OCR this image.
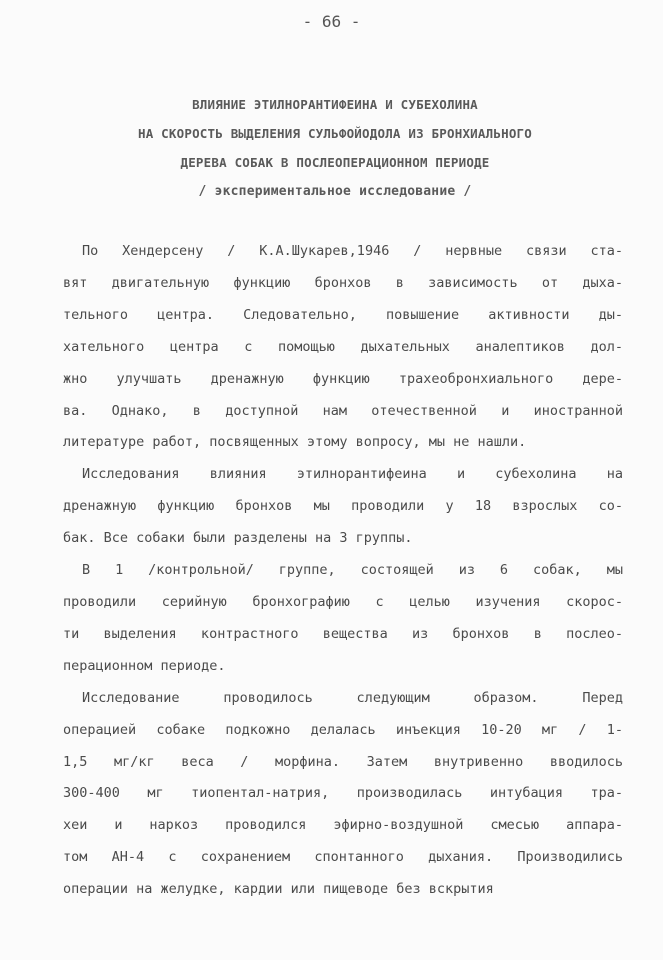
- 66 -
ВЛИЯНИЕ ЭТИЛНОРАНТИФЕИНА И СУБЕХОЛИНА
НА СКОРОСТЬ ВЫДЕЛЕНИЯ СУЛЬФОЙОДОЛА ИЗ БРОНХИАЛЬНОГО
ДЕРЕВА СОБАК В ПОСЛЕОПЕРАЦИОННОМ ПЕРИОДЕ
/ экспериментальное исследование /
По Хендерсену / К.А.Шукарев,1946 / нервные связи ста-
вят двигательную функцию бронхов в зависимость от дыха-
тельного центра. Следовательно, повышение активности ды-
хательного центра с помощью дыхательных аналептиков дол-
жно улучшать дренажную функцию трахеобронхиального дере-
ва. Однако, в доступной нам отечественной и иностранной
литературе работ, посвященных этому вопросу, мы не нашли.
Исследования влияния этилнорантифеина и субехолина на
дренажную функцию бронхов мы проводили у 18 взрослых со-
бак. Все собаки были разделены на 3 группы.
В 1 /контрольной/ группе, состоящей из 6 собак, мы
проводили серийную бронхографию с целью изучения скорос-
ти выделения контрастного вещества из бронхов в послео-
перационном периоде.
Исследование проводилось следующим образом. Перед
операцией собаке подкожно делалась инъекция 10-20 мг / 1-
1,5 мг/кг веса / морфина. Затем внутривенно вводилось
300-400 мг тиопентал-натрия, производилась интубация тра-
хеи и наркоз проводился эфирно-воздушной смесью аппара-
том АН-4 с сохранением спонтанного дыхания. Производились
операции на желудке, кардии или пищеводе без вскрытия
